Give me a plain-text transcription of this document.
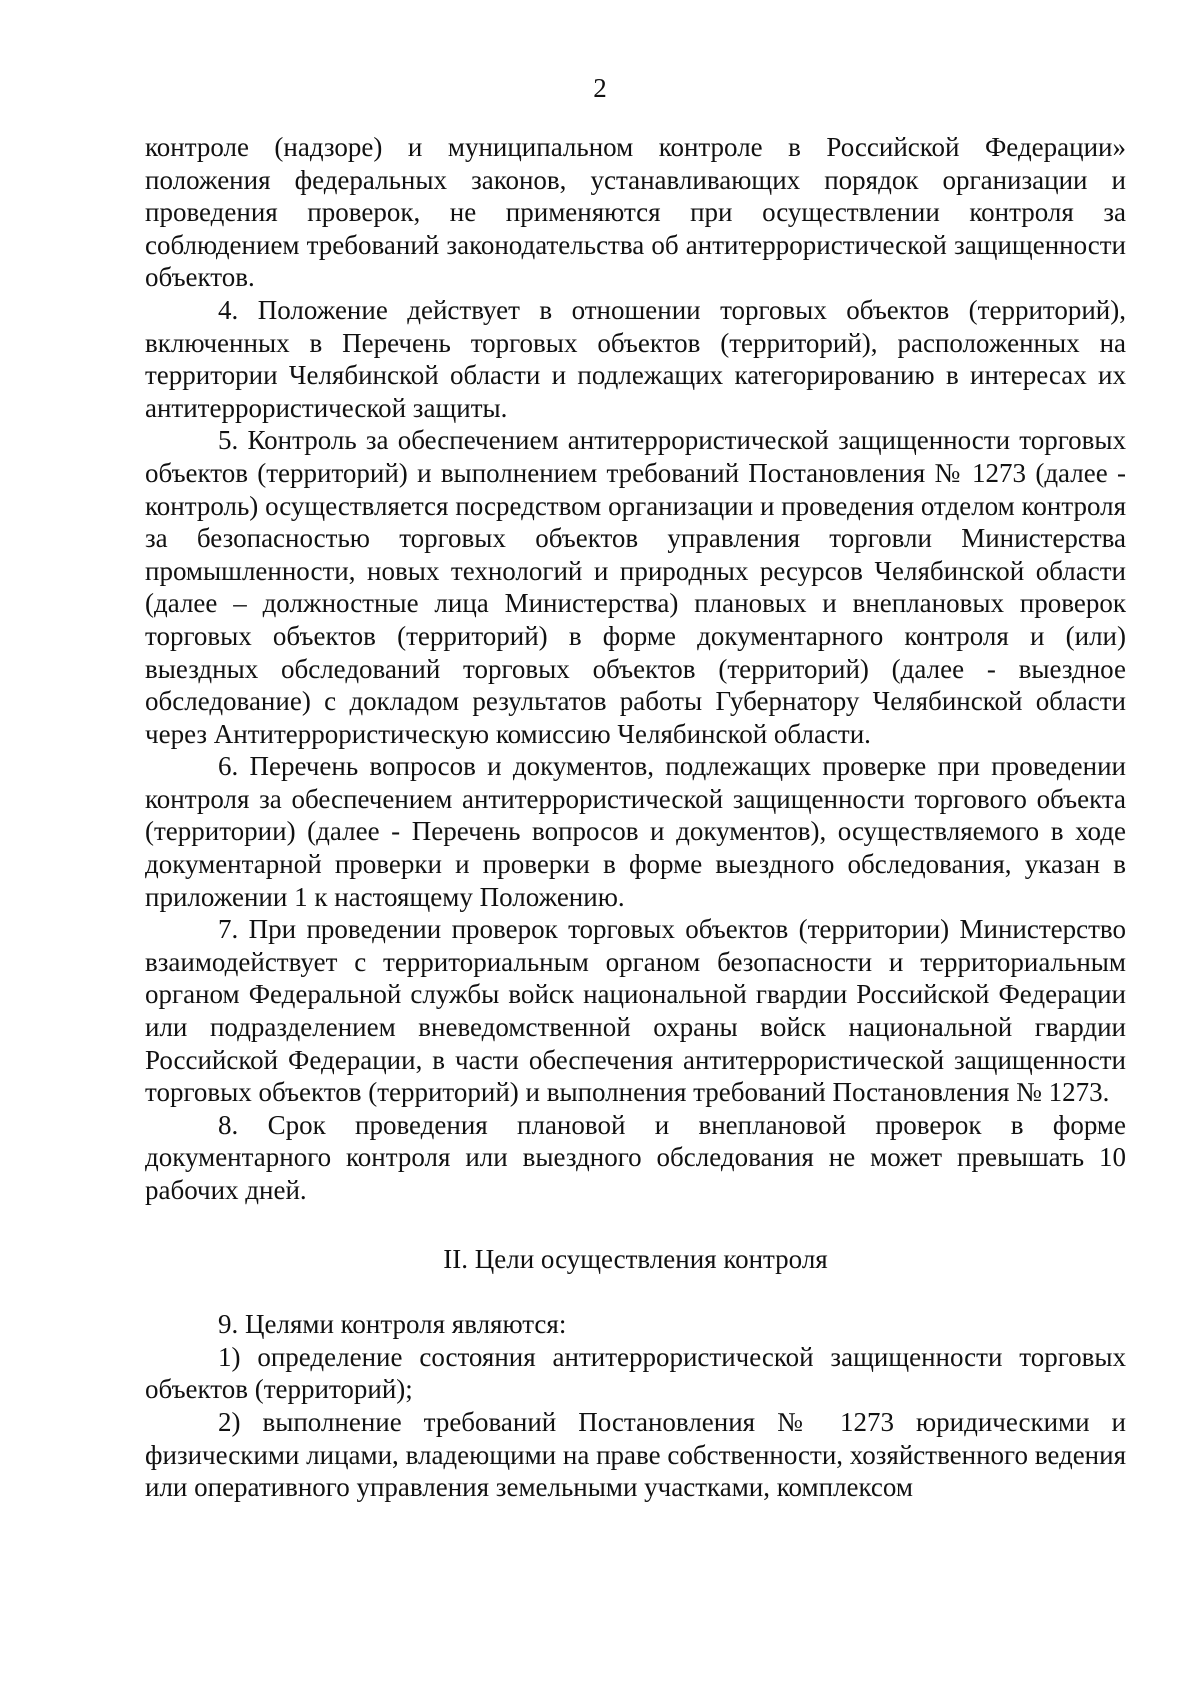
2

контроле (надзоре) и муниципальном контроле в Российской Федерации» положения федеральных законов, устанавливающих порядок организации и проведения проверок, не применяются при осуществлении контроля за соблюдением требований законодательства об антитеррористической защищенности объектов.

4. Положение действует в отношении торговых объектов (территорий), включенных в Перечень торговых объектов (территорий), расположенных на территории Челябинской области и подлежащих категорированию в интересах их антитеррористической защиты.

5. Контроль за обеспечением антитеррористической защищенности торговых объектов (территорий) и выполнением требований Постановления № 1273 (далее - контроль) осуществляется посредством организации и проведения отделом контроля за безопасностью торговых объектов управления торговли Министерства промышленности, новых технологий и природных ресурсов Челябинской области (далее – должностные лица Министерства) плановых и внеплановых проверок торговых объектов (территорий) в форме документарного контроля и (или) выездных обследований торговых объектов (территорий) (далее - выездное обследование) с докладом результатов работы Губернатору Челябинской области через Антитеррористическую комиссию Челябинской области.

6. Перечень вопросов и документов, подлежащих проверке при проведении контроля за обеспечением антитеррористической защищенности торгового объекта (территории) (далее - Перечень вопросов и документов), осуществляемого в ходе документарной проверки и проверки в форме выездного обследования, указан в приложении 1 к настоящему Положению.

7. При проведении проверок торговых объектов (территории) Министерство взаимодействует с территориальным органом безопасности и территориальным органом Федеральной службы войск национальной гвардии Российской Федерации или подразделением вневедомственной охраны войск национальной гвардии Российской Федерации, в части обеспечения антитеррористической защищенности торговых объектов (территорий) и выполнения требований Постановления № 1273.

8. Срок проведения плановой и внеплановой проверок в форме документарного контроля или выездного обследования не может превышать 10 рабочих дней.

II. Цели осуществления контроля

9. Целями контроля являются:

1) определение состояния антитеррористической защищенности торговых объектов (территорий);

2) выполнение требований Постановления № 1273 юридическими и физическими лицами, владеющими на праве собственности, хозяйственного ведения или оперативного управления земельными участками, комплексом
